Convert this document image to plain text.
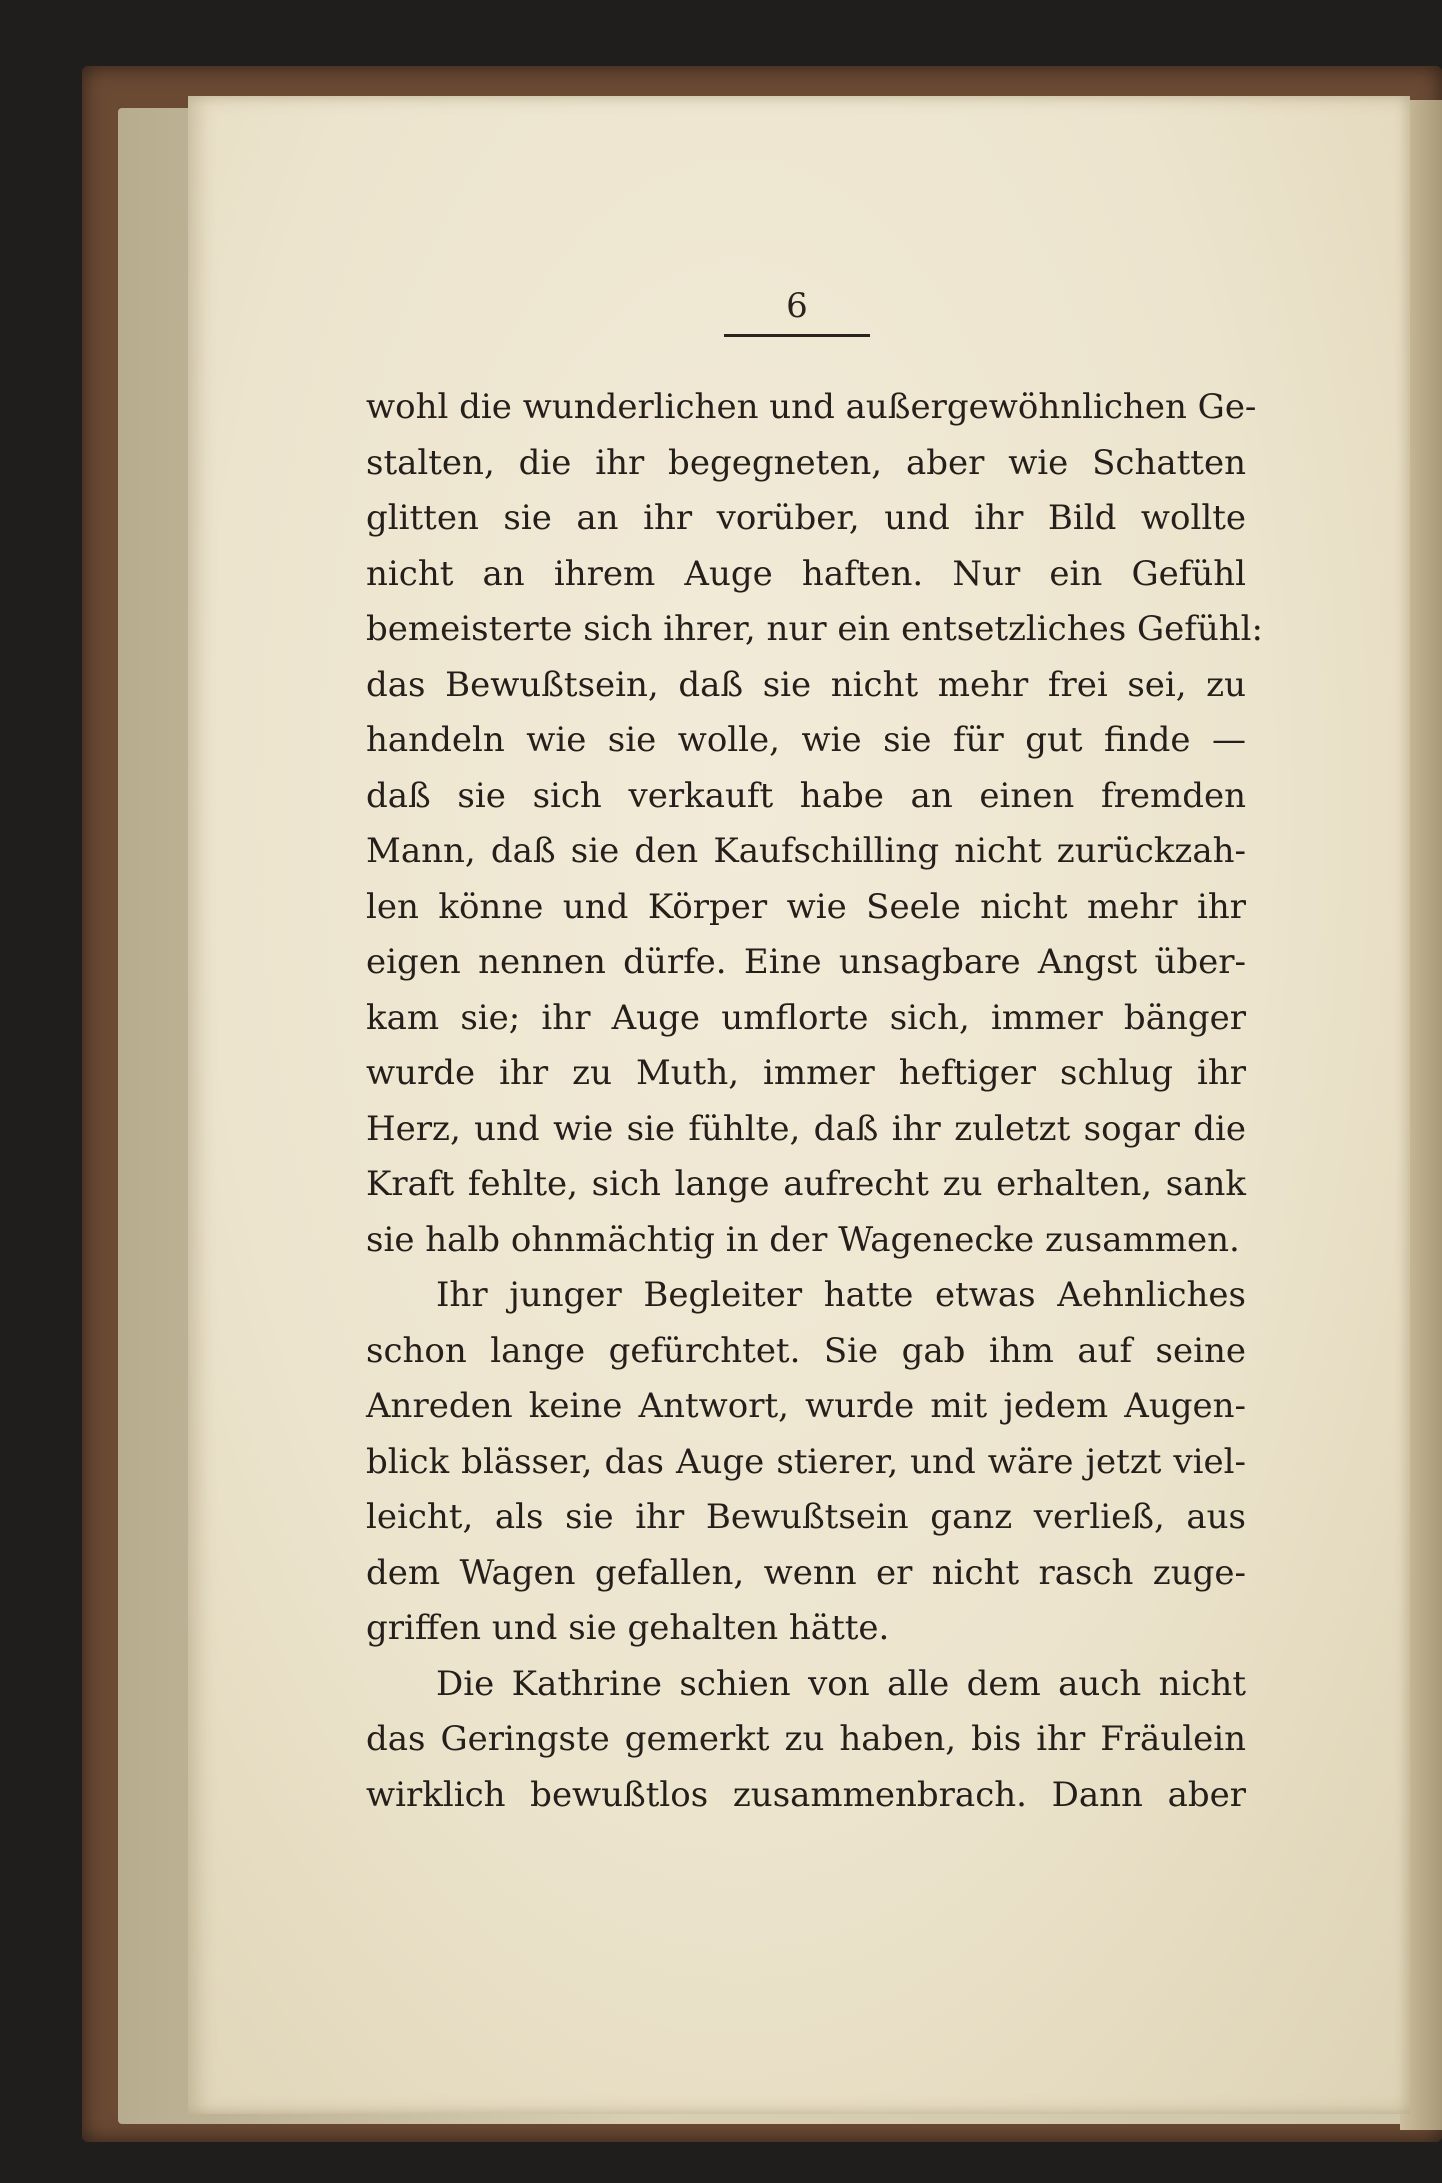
6
wohl die wunderlichen und außergewöhnlichen Ge-
stalten, die ihr begegneten, aber wie Schatten
glitten sie an ihr vorüber, und ihr Bild wollte
nicht an ihrem Auge haften. Nur ein Gefühl
bemeisterte sich ihrer, nur ein entsetzliches Gefühl:
das Bewußtsein, daß sie nicht mehr frei sei, zu
handeln wie sie wolle, wie sie für gut finde —
daß sie sich verkauft habe an einen fremden
Mann, daß sie den Kaufschilling nicht zurückzah-
len könne und Körper wie Seele nicht mehr ihr
eigen nennen dürfe. Eine unsagbare Angst über-
kam sie; ihr Auge umflorte sich, immer bänger
wurde ihr zu Muth, immer heftiger schlug ihr
Herz, und wie sie fühlte, daß ihr zuletzt sogar die
Kraft fehlte, sich lange aufrecht zu erhalten, sank
sie halb ohnmächtig in der Wagenecke zusammen.
Ihr junger Begleiter hatte etwas Aehnliches
schon lange gefürchtet. Sie gab ihm auf seine
Anreden keine Antwort, wurde mit jedem Augen-
blick blässer, das Auge stierer, und wäre jetzt viel-
leicht, als sie ihr Bewußtsein ganz verließ, aus
dem Wagen gefallen, wenn er nicht rasch zuge-
griffen und sie gehalten hätte.
Die Kathrine schien von alle dem auch nicht
das Geringste gemerkt zu haben, bis ihr Fräulein
wirklich bewußtlos zusammenbrach. Dann aber
